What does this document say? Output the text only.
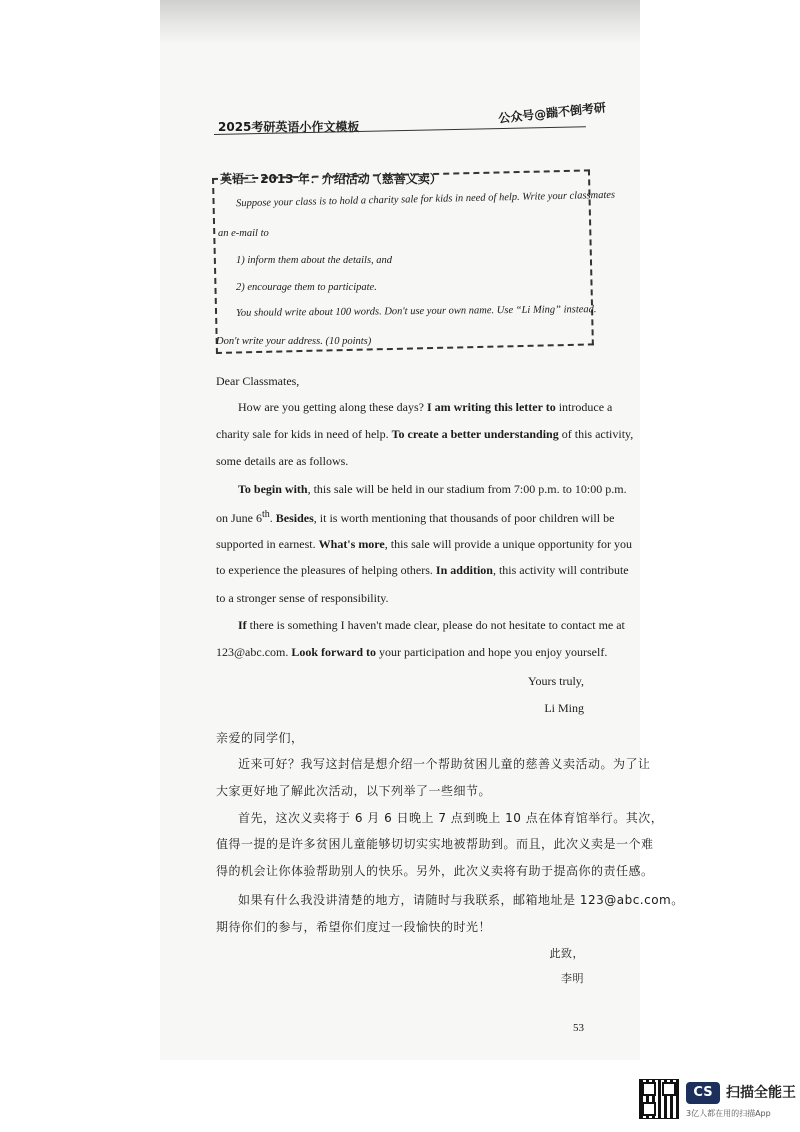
2025考研英语小作文模板
公众号@踹不倒考研
英语二 2013 年：介绍活动（慈善义卖）
Suppose your class is to hold a charity sale for kids in need of help. Write your classmates
an e-mail to
1) inform them about the details, and
2) encourage them to participate.
You should write about 100 words. Don't use your own name. Use “Li Ming” instead.
Don't write your address. (10 points)
Dear Classmates,
How are you getting along these days? I am writing this letter to introduce a
charity sale for kids in need of help. To create a better understanding of this activity,
some details are as follows.
To begin with, this sale will be held in our stadium from 7:00 p.m. to 10:00 p.m.
on June 6th. Besides, it is worth mentioning that thousands of poor children will be
supported in earnest. What's more, this sale will provide a unique opportunity for you
to experience the pleasures of helping others. In addition, this activity will contribute
to a stronger sense of responsibility.
If there is something I haven't made clear, please do not hesitate to contact me at
123@abc.com. Look forward to your participation and hope you enjoy yourself.
Yours truly,
Li Ming
亲爱的同学们，
近来可好？我写这封信是想介绍一个帮助贫困儿童的慈善义卖活动。为了让
大家更好地了解此次活动，以下列举了一些细节。
首先，这次义卖将于 6 月 6 日晚上 7 点到晚上 10 点在体育馆举行。其次，
值得一提的是许多贫困儿童能够切切实实地被帮助到。而且，此次义卖是一个难
得的机会让你体验帮助别人的快乐。另外，此次义卖将有助于提高你的责任感。
如果有什么我没讲清楚的地方，请随时与我联系，邮箱地址是 123@abc.com。
期待你们的参与，希望你们度过一段愉快的时光！
此致，
李明
53
CS 扫描全能王
3亿人都在用的扫描App
